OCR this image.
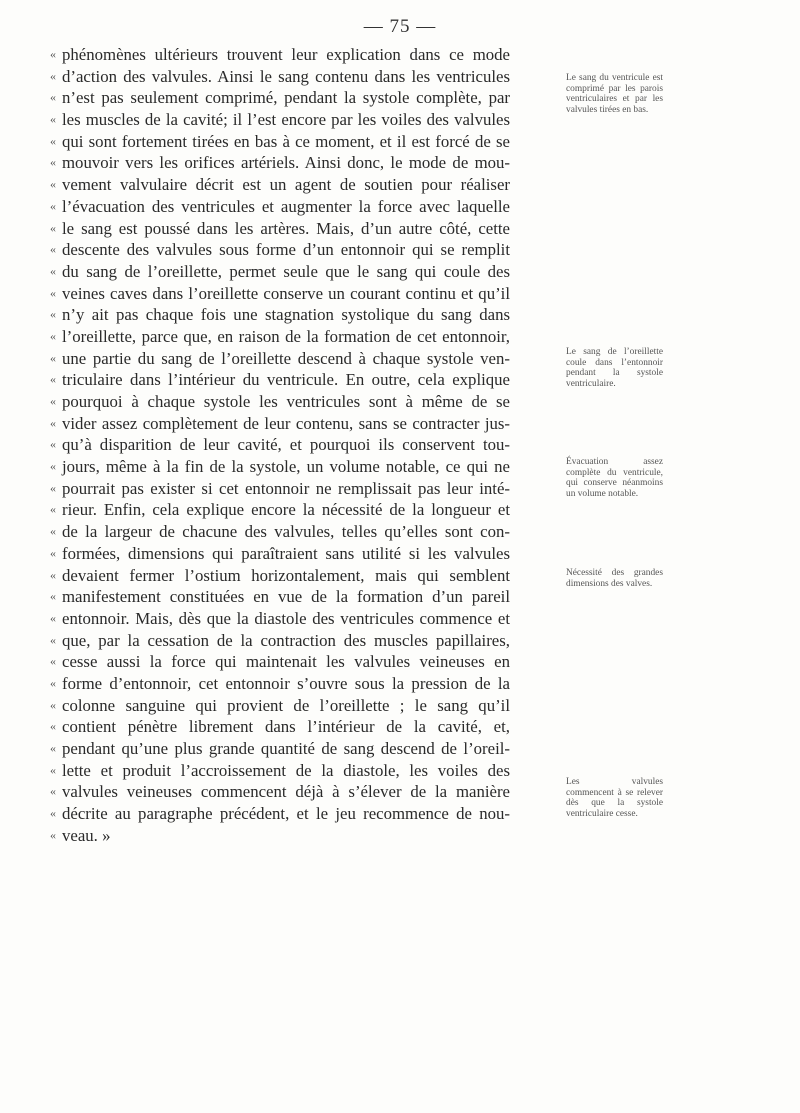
— 75 —
« phénomènes ultérieurs trouvent leur explication dans ce mode
« d’action des valvules. Ainsi le sang contenu dans les ventricules
« n’est pas seulement comprimé, pendant la systole complète, par
« les muscles de la cavité; il l’est encore par les voiles des valvules
« qui sont fortement tirées en bas à ce moment, et il est forcé de se
« mouvoir vers les orifices artériels. Ainsi donc, le mode de mou-
« vement valvulaire décrit est un agent de soutien pour réaliser
« l’évacuation des ventricules et augmenter la force avec laquelle
« le sang est poussé dans les artères. Mais, d’un autre côté, cette
« descente des valvules sous forme d’un entonnoir qui se remplit
« du sang de l’oreillette, permet seule que le sang qui coule des
« veines caves dans l’oreillette conserve un courant continu et qu’il
« n’y ait pas chaque fois une stagnation systolique du sang dans
« l’oreillette, parce que, en raison de la formation de cet entonnoir,
« une partie du sang de l’oreillette descend à chaque systole ven-
« triculaire dans l’intérieur du ventricule. En outre, cela explique
« pourquoi à chaque systole les ventricules sont à même de se
« vider assez complètement de leur contenu, sans se contracter jus-
« qu’à disparition de leur cavité, et pourquoi ils conservent tou-
« jours, même à la fin de la systole, un volume notable, ce qui ne
« pourrait pas exister si cet entonnoir ne remplissait pas leur inté-
« rieur. Enfin, cela explique encore la nécessité de la longueur et
« de la largeur de chacune des valvules, telles qu’elles sont con-
« formées, dimensions qui paraîtraient sans utilité si les valvules
« devaient fermer l’ostium horizontalement, mais qui semblent
« manifestement constituées en vue de la formation d’un pareil
« entonnoir. Mais, dès que la diastole des ventricules commence et
« que, par la cessation de la contraction des muscles papillaires,
« cesse aussi la force qui maintenait les valvules veineuses en
« forme d’entonnoir, cet entonnoir s’ouvre sous la pression de la
« colonne sanguine qui provient de l’oreillette ; le sang qu’il
« contient pénètre librement dans l’intérieur de la cavité, et,
« pendant qu’une plus grande quantité de sang descend de l’oreil-
« lette et produit l’accroissement de la diastole, les voiles des
« valvules veineuses commencent déjà à s’élever de la manière
« décrite au paragraphe précédent, et le jeu recommence de nou-
« veau. »
Le sang du ventricule est comprimé par les parois ventriculaires et par les valvules tirées en bas.
Le sang de l’oreillette coule dans l’entonnoir pendant la systole ventriculaire.
Évacuation assez complète du ventricule, qui conserve néanmoins un volume notable.
Nécessité des grandes dimensions des valves.
Les valvules commencent à se relever dès que la systole ventriculaire cesse.
